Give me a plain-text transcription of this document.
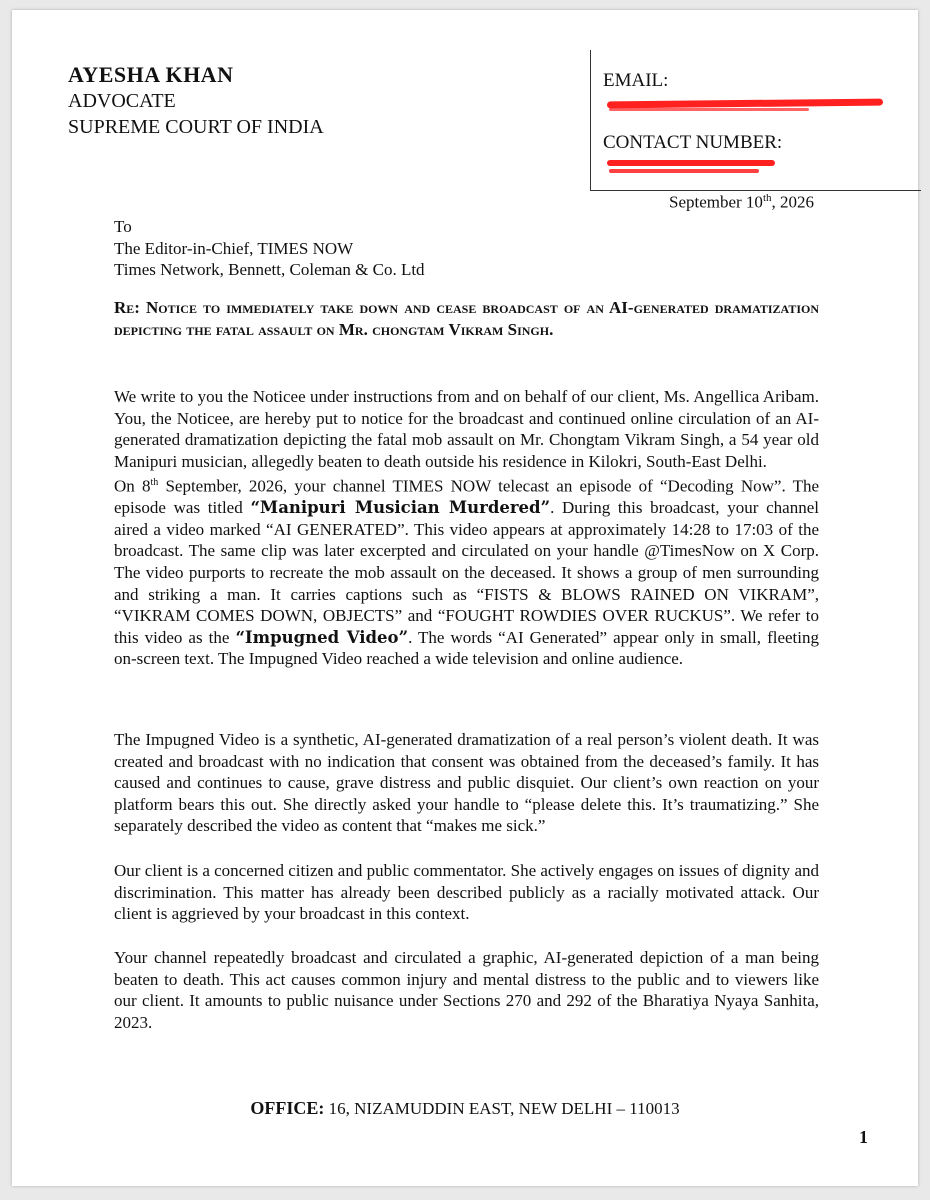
AYESHA KHAN
ADVOCATE
SUPREME COURT OF INDIA
EMAIL:
CONTACT NUMBER:
September 10th, 2026
To
The Editor-in-Chief, TIMES NOW
Times Network, Bennett, Coleman & Co. Ltd
Re: Notice to immediately take down and cease broadcast of an AI-generated dramatization depicting the fatal assault on Mr. chongtam Vikram Singh.
We write to you the Noticee under instructions from and on behalf of our client, Ms. Angellica Aribam. You, the Noticee, are hereby put to notice for the broadcast and continued online circulation of an AI-generated dramatization depicting the fatal mob assault on Mr. Chongtam Vikram Singh, a 54 year old Manipuri musician, allegedly beaten to death outside his residence in Kilokri, South-East Delhi.
On 8th September, 2026, your channel TIMES NOW telecast an episode of “Decoding Now”. The episode was titled “Manipuri Musician Murdered”. During this broadcast, your channel aired a video marked “AI GENERATED”. This video appears at approximately 14:28 to 17:03 of the broadcast. The same clip was later excerpted and circulated on your handle @TimesNow on X Corp. The video purports to recreate the mob assault on the deceased. It shows a group of men surrounding and striking a man. It carries captions such as “FISTS & BLOWS RAINED ON VIKRAM”, “VIKRAM COMES DOWN, OBJECTS” and “FOUGHT ROWDIES OVER RUCKUS”. We refer to this video as the “Impugned Video”. The words “AI Generated” appear only in small, fleeting on-screen text. The Impugned Video reached a wide television and online audience.
The Impugned Video is a synthetic, AI-generated dramatization of a real person’s violent death. It was created and broadcast with no indication that consent was obtained from the deceased’s family. It has caused and continues to cause, grave distress and public disquiet. Our client’s own reaction on your platform bears this out. She directly asked your handle to “please delete this. It’s traumatizing.” She separately described the video as content that “makes me sick.”
Our client is a concerned citizen and public commentator. She actively engages on issues of dignity and discrimination. This matter has already been described publicly as a racially motivated attack. Our client is aggrieved by your broadcast in this context.
Your channel repeatedly broadcast and circulated a graphic, AI-generated depiction of a man being beaten to death. This act causes common injury and mental distress to the public and to viewers like our client. It amounts to public nuisance under Sections 270 and 292 of the Bharatiya Nyaya Sanhita, 2023.
OFFICE: 16, NIZAMUDDIN EAST, NEW DELHI – 110013
1
